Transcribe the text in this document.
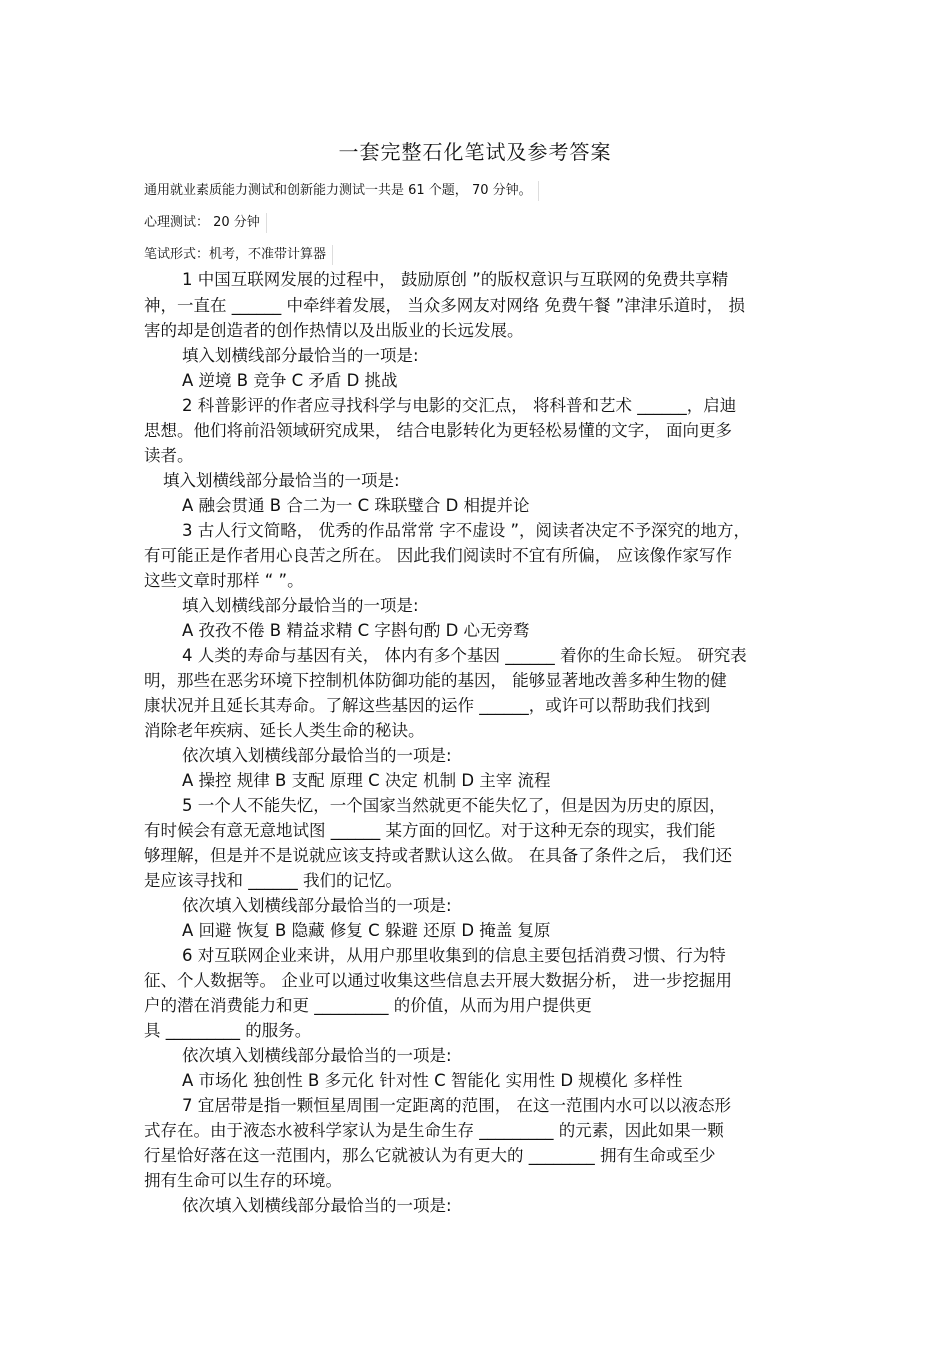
一套完整石化笔试及参考答案
通用就业素质能力测试和创新能力测试一共是 61 个题， 70 分钟。
心理测试： 20 分钟
笔试形式：机考，不准带计算器
1 中国互联网发展的过程中， 鼓励原创 ”的版权意识与互联网的免费共享精
神，一直在 ______ 中牵绊着发展， 当众多网友对网络 免费午餐 ”津津乐道时， 损
害的却是创造者的创作热情以及出版业的长远发展。
填入划横线部分最恰当的一项是:
A 逆境 B 竞争 C 矛盾 D 挑战
2 科普影评的作者应寻找科学与电影的交汇点， 将科普和艺术 ______，启迪
思想。他们将前沿领域研究成果， 结合电影转化为更轻松易懂的文字， 面向更多
读者。
填入划横线部分最恰当的一项是:
A 融会贯通 B 合二为一 C 珠联璧合 D 相提并论
3 古人行文简略， 优秀的作品常常 字不虚设 ”，阅读者决定不予深究的地方，
有可能正是作者用心良苦之所在。 因此我们阅读时不宜有所偏， 应该像作家写作
这些文章时那样 “ ”。
填入划横线部分最恰当的一项是:
A 孜孜不倦 B 精益求精 C 字斟句酌 D 心无旁骛
4 人类的寿命与基因有关， 体内有多个基因 ______ 着你的生命长短。 研究表
明，那些在恶劣环境下控制机体防御功能的基因， 能够显著地改善多种生物的健
康状况并且延长其寿命。了解这些基因的运作 ______，或许可以帮助我们找到
消除老年疾病、延长人类生命的秘诀。
依次填入划横线部分最恰当的一项是:
A 操控 规律 B 支配 原理 C 决定 机制 D 主宰 流程
5 一个人不能失忆，一个国家当然就更不能失忆了，但是因为历史的原因，
有时候会有意无意地试图 ______ 某方面的回忆。对于这种无奈的现实，我们能
够理解，但是并不是说就应该支持或者默认这么做。 在具备了条件之后， 我们还
是应该寻找和 ______ 我们的记忆。
依次填入划横线部分最恰当的一项是:
A 回避 恢复 B 隐藏 修复 C 躲避 还原 D 掩盖 复原
6 对互联网企业来讲，从用户那里收集到的信息主要包括消费习惯、行为特
征、个人数据等。 企业可以通过收集这些信息去开展大数据分析， 进一步挖掘用
户的潜在消费能力和更 _________ 的价值，从而为用户提供更
具 _________ 的服务。
依次填入划横线部分最恰当的一项是:
A 市场化 独创性 B 多元化 针对性 C 智能化 实用性 D 规模化 多样性
7 宜居带是指一颗恒星周围一定距离的范围， 在这一范围内水可以以液态形
式存在。由于液态水被科学家认为是生命生存 _________ 的元素，因此如果一颗
行星恰好落在这一范围内，那么它就被认为有更大的 ________ 拥有生命或至少
拥有生命可以生存的环境。
依次填入划横线部分最恰当的一项是:
